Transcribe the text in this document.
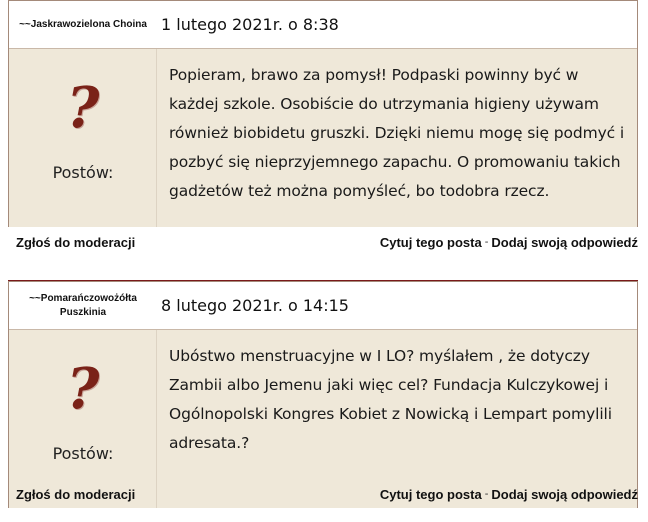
~~Jaskrawozielona Choina 1 lutego 2021r. o 8:38
?
Postów:
Popieram, brawo za pomysł! Podpaski powinny być w każdej szkole. Osobiście do utrzymania higieny używam również biobidetu gruszki. Dzięki niemu mogę się podmyć i pozbyć się nieprzyjemnego zapachu. O promowaniu takich gadżetów też można pomyśleć, bo todobra rzecz.
Zgłoś do moderacji	Cytuj tego posta - Dodaj swoją odpowiedź
~~Pomarańczowożółta Puszkinia	8 lutego 2021r. o 14:15
?
Postów:
Ubóstwo menstruacyjne w I LO? myślałem , że dotyczy Zambii albo Jemenu jaki więc cel? Fundacja Kulczykowej i Ogólnopolski Kongres Kobiet z Nowicką i Lempart pomylili adresata.?
Zgłoś do moderacji	Cytuj tego posta - Dodaj swoją odpowiedź
